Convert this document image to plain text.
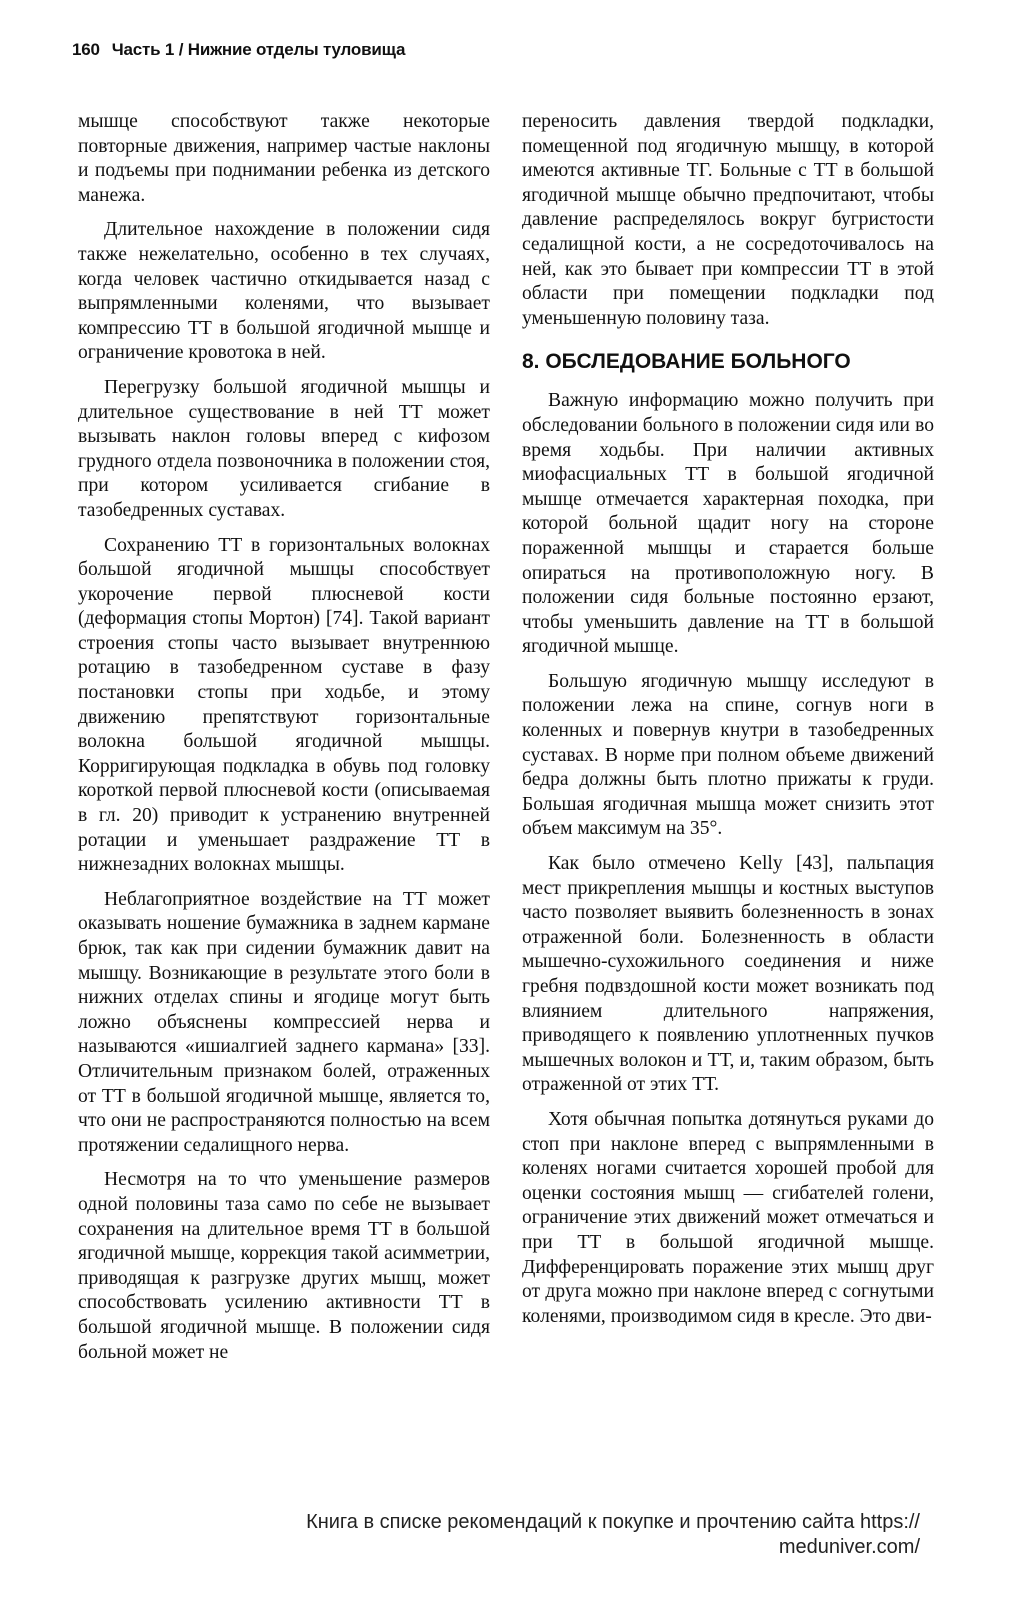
160 Часть 1 / Нижние отделы туловища

мышце способствуют также некоторые повторные движения, например частые наклоны и подъемы при поднимании ребенка из детского манежа.

Длительное нахождение в положении сидя также нежелательно, особенно в тех случаях, когда человек частично откидывается назад с выпрямленными коленями, что вызывает компрессию ТТ в большой ягодичной мышце и ограничение кровотока в ней.

Перегрузку большой ягодичной мышцы и длительное существование в ней ТТ может вызывать наклон головы вперед с кифозом грудного отдела позвоночника в положении стоя, при котором усиливается сгибание в тазобедренных суставах.

Сохранению ТТ в горизонтальных волокнах большой ягодичной мышцы способствует укорочение первой плюсневой кости (деформация стопы Мортон) [74]. Такой вариант строения стопы часто вызывает внутреннюю ротацию в тазобедренном суставе в фазу постановки стопы при ходьбе, и этому движению препятствуют горизонтальные волокна большой ягодичной мышцы. Корригирующая подкладка в обувь под головку короткой первой плюсневой кости (описываемая в гл. 20) приводит к устранению внутренней ротации и уменьшает раздражение ТТ в нижнезадних волокнах мышцы.

Неблагоприятное воздействие на ТТ может оказывать ношение бумажника в заднем кармане брюк, так как при сидении бумажник давит на мышцу. Возникающие в результате этого боли в нижних отделах спины и ягодице могут быть ложно объяснены компрессией нерва и называются «ишиалгией заднего кармана» [33]. Отличительным признаком болей, отраженных от ТТ в большой ягодичной мышце, является то, что они не распространяются полностью на всем протяжении седалищного нерва.

Несмотря на то что уменьшение размеров одной половины таза само по себе не вызывает сохранения на длительное время ТТ в большой ягодичной мышце, коррекция такой асимметрии, приводящая к разгрузке других мышц, может способствовать усилению активности ТТ в большой ягодичной мышце. В положении сидя больной может не

переносить давления твердой подкладки, помещенной под ягодичную мышцу, в которой имеются активные ТГ. Больные с ТТ в большой ягодичной мышце обычно предпочитают, чтобы давление распределялось вокруг бугристости седалищной кости, а не сосредоточивалось на ней, как это бывает при компрессии ТТ в этой области при помещении подкладки под уменьшенную половину таза.

8. ОБСЛЕДОВАНИЕ БОЛЬНОГО

Важную информацию можно получить при обследовании больного в положении сидя или во время ходьбы. При наличии активных миофасциальных ТТ в большой ягодичной мышце отмечается характерная походка, при которой больной щадит ногу на стороне пораженной мышцы и старается больше опираться на противоположную ногу. В положении сидя больные постоянно ерзают, чтобы уменьшить давление на ТТ в большой ягодичной мышце.

Большую ягодичную мышцу исследуют в положении лежа на спине, согнув ноги в коленных и повернув кнутри в тазобедренных суставах. В норме при полном объеме движений бедра должны быть плотно прижаты к груди. Большая ягодичная мышца может снизить этот объем максимум на 35°.

Как было отмечено Kelly [43], пальпация мест прикрепления мышцы и костных выступов часто позволяет выявить болезненность в зонах отраженной боли. Болезненность в области мышечно-сухожильного соединения и ниже гребня подвздошной кости может возникать под влиянием длительного напряжения, приводящего к появлению уплотненных пучков мышечных волокон и ТТ, и, таким образом, быть отраженной от этих ТТ.

Хотя обычная попытка дотянуться руками до стоп при наклоне вперед с выпрямленными в коленях ногами считается хорошей пробой для оценки состояния мышц — сгибателей голени, ограничение этих движений может отмечаться и при ТТ в большой ягодичной мышце. Дифференцировать поражение этих мышц друг от друга можно при наклоне вперед с согнутыми коленями, производимом сидя в кресле. Это дви-

Книга в списке рекомендаций к покупке и прочтению сайта https://
meduniver.com/
